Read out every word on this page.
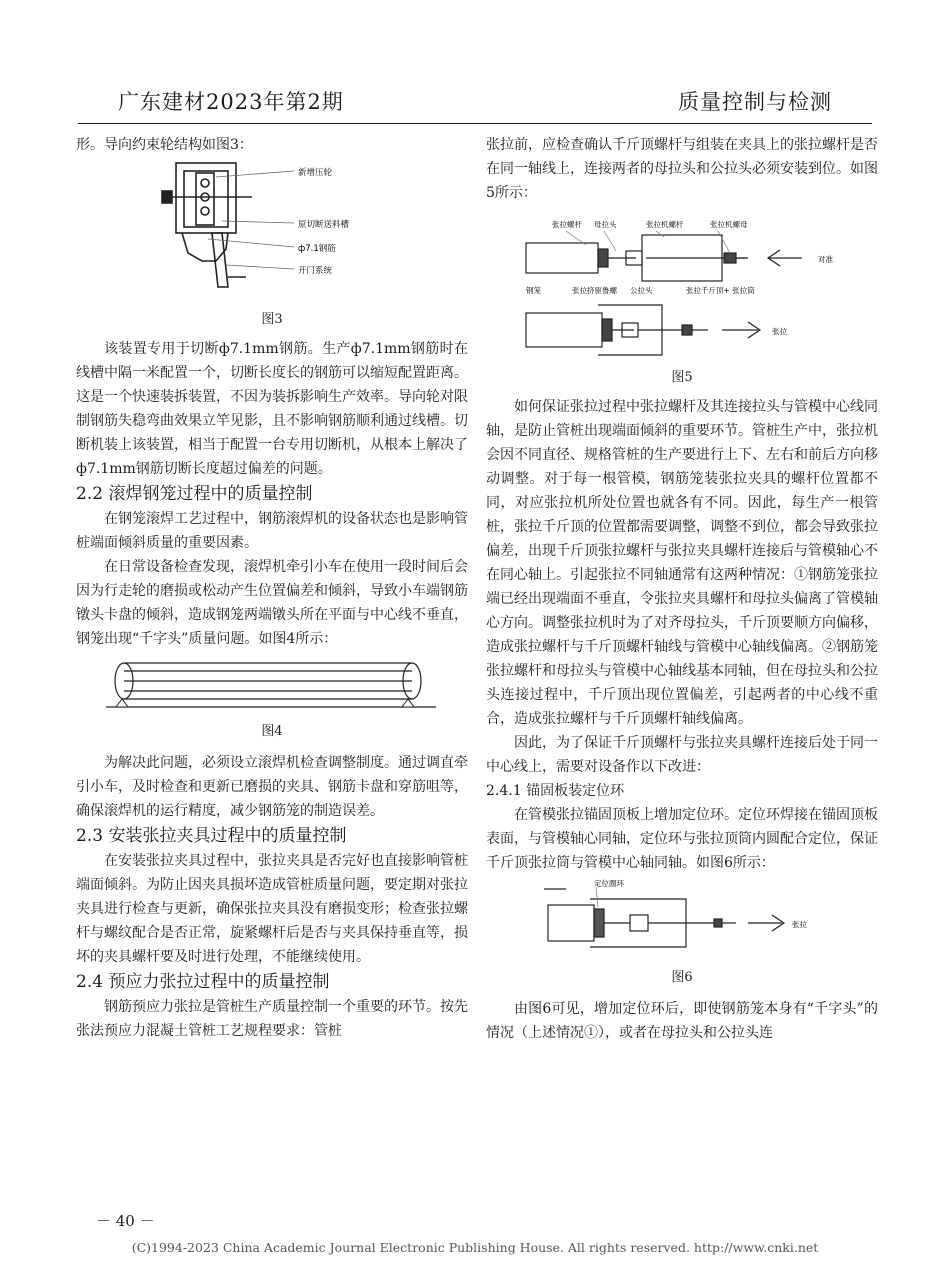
广东建材2023年第2期	质量控制与检测

形。导向约束轮结构如图3：

新增压轮
原切断送料槽
ф7.1钢筋
开门系统
图3

该装置专用于切断ф7.1mm钢筋。生产ф7.1mm钢筋时在线槽中隔一米配置一个，切断长度长的钢筋可以缩短配置距离。这是一个快速装拆装置，不因为装拆影响生产效率。导向轮对限制钢筋失稳弯曲效果立竿见影，且不影响钢筋顺利通过线槽。切断机装上该装置，相当于配置一台专用切断机，从根本上解决了ф7.1mm钢筋切断长度超过偏差的问题。

2.2 滚焊钢笼过程中的质量控制

在钢笼滚焊工艺过程中，钢筋滚焊机的设备状态也是影响管桩端面倾斜质量的重要因素。

在日常设备检查发现，滚焊机牵引小车在使用一段时间后会因为行走轮的磨损或松动产生位置偏差和倾斜，导致小车端钢筋镦头卡盘的倾斜，造成钢笼两端镦头所在平面与中心线不垂直，钢笼出现“千字头”质量问题。如图4所示：

图4

为解决此问题，必须设立滚焊机检查调整制度。通过调直牵引小车，及时检查和更新已磨损的夹具、钢筋卡盘和穿筋咀等，确保滚焊机的运行精度，减少钢筋笼的制造误差。

2.3 安装张拉夹具过程中的质量控制

在安装张拉夹具过程中，张拉夹具是否完好也直接影响管桩端面倾斜。为防止因夹具损坏造成管桩质量问题，要定期对张拉夹具进行检查与更新，确保张拉夹具没有磨损变形；检查张拉螺杆与螺纹配合是否正常，旋紧螺杆后是否与夹具保持垂直等，损坏的夹具螺杆要及时进行处理，不能继续使用。

2.4 预应力张拉过程中的质量控制

钢筋预应力张拉是管桩生产质量控制一个重要的环节。按先张法预应力混凝土管桩工艺规程要求：管桩

张拉前，应检查确认千斤顶螺杆与组装在夹具上的张拉螺杆是否在同一轴线上，连接两者的母拉头和公拉头必须安装到位。如图5所示：

张拉螺杆 母拉头	张拉机螺杆	张拉机螺母
对准
钢笼	张拉挤驱鲁螺 公拉头	张拉千斤顶+ 张拉筒
张拉
图5

如何保证张拉过程中张拉螺杆及其连接拉头与管模中心线同轴，是防止管桩出现端面倾斜的重要环节。管桩生产中，张拉机会因不同直径、规格管桩的生产要进行上下、左右和前后方向移动调整。对于每一根管模，钢筋笼装张拉夹具的螺杆位置都不同，对应张拉机所处位置也就各有不同。因此，每生产一根管桩，张拉千斤顶的位置都需要调整，调整不到位，都会导致张拉偏差，出现千斤顶张拉螺杆与张拉夹具螺杆连接后与管模轴心不在同心轴上。引起张拉不同轴通常有这两种情况：①钢筋笼张拉端已经出现端面不垂直，令张拉夹具螺杆和母拉头偏离了管模轴心方向。调整张拉机时为了对齐母拉头，千斤顶要顺方向偏移，造成张拉螺杆与千斤顶螺杆轴线与管模中心轴线偏离。②钢筋笼张拉螺杆和母拉头与管模中心轴线基本同轴，但在母拉头和公拉头连接过程中，千斤顶出现位置偏差，引起两者的中心线不重合，造成张拉螺杆与千斤顶螺杆轴线偏离。

因此，为了保证千斤顶螺杆与张拉夹具螺杆连接后处于同一中心线上，需要对设备作以下改进：

2.4.1 锚固板装定位环

在管模张拉锚固顶板上增加定位环。定位环焊接在锚固顶板表面，与管模轴心同轴，定位环与张拉顶筒内圆配合定位，保证千斤顶张拉筒与管模中心轴同轴。如图6所示：

定位圈环
张拉
图6

由图6可见，增加定位环后，即使钢筋笼本身有“千字头”的情况（上述情况①），或者在母拉头和公拉头连

－ 40 －
(C)1994-2023 China Academic Journal Electronic Publishing House. All rights reserved. http://www.cnki.net
